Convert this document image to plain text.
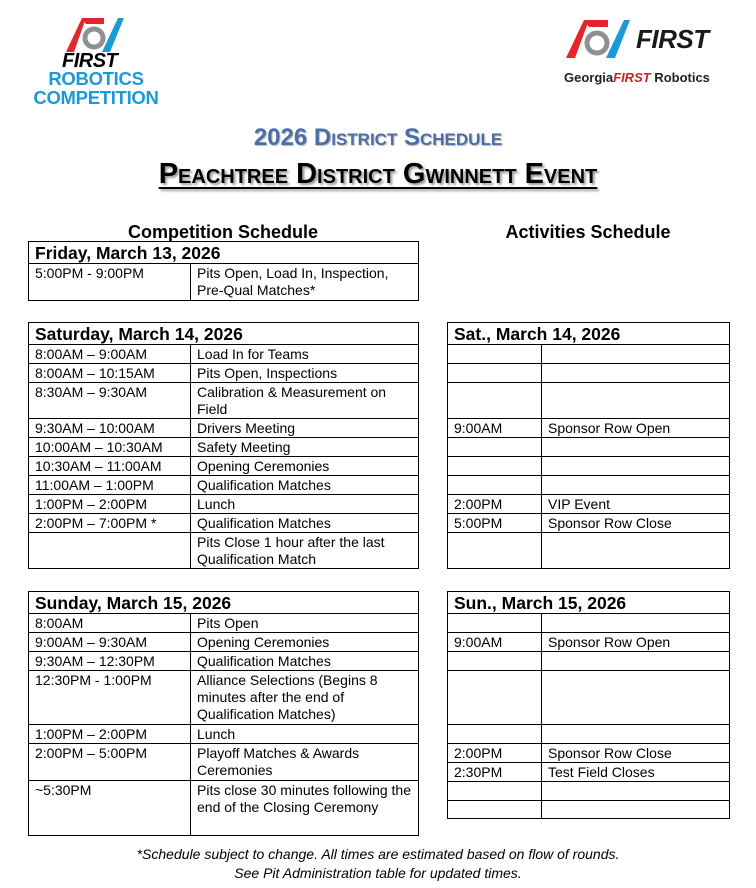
FIRST
ROBOTICS
COMPETITION
FIRST
GeorgiaFIRST Robotics
2026 District Schedule
Peachtree District Gwinnett Event
Competition Schedule	Activities Schedule
Friday, March 13, 2026
5:00PM - 9:00PM	Pits Open, Load In, Inspection, Pre-Qual Matches*
Saturday, March 14, 2026	
8:00AM – 9:00AM	Load In for Teams
8:00AM – 10:15AM	Pits Open, Inspections
8:30AM – 9:30AM	Calibration & Measurement on Field
9:30AM – 10:00AM	Drivers Meeting
10:00AM – 10:30AM	Safety Meeting
10:30AM – 11:00AM	Opening Ceremonies
11:00AM – 1:00PM	Qualification Matches
1:00PM – 2:00PM	Lunch
2:00PM – 7:00PM *	Qualification Matches
	Pits Close 1 hour after the last Qualification Match
Sat., March 14, 2026	

9:00AM	Sponsor Row Open

2:00PM	VIP Event
5:00PM	Sponsor Row Close

Sunday, March 15, 2026	
8:00AM	Pits Open
9:00AM – 9:30AM	Opening Ceremonies
9:30AM – 12:30PM	Qualification Matches
12:30PM - 1:00PM	Alliance Selections (Begins 8 minutes after the end of Qualification Matches)
1:00PM – 2:00PM	Lunch
2:00PM – 5:00PM	Playoff Matches & Awards Ceremonies
~5:30PM	Pits close 30 minutes following the end of the Closing Ceremony
Sun., March 15, 2026	

9:00AM	Sponsor Row Open

2:00PM	Sponsor Row Close
2:30PM	Test Field Closes

*Schedule subject to change. All times are estimated based on flow of rounds.
See Pit Administration table for updated times.
